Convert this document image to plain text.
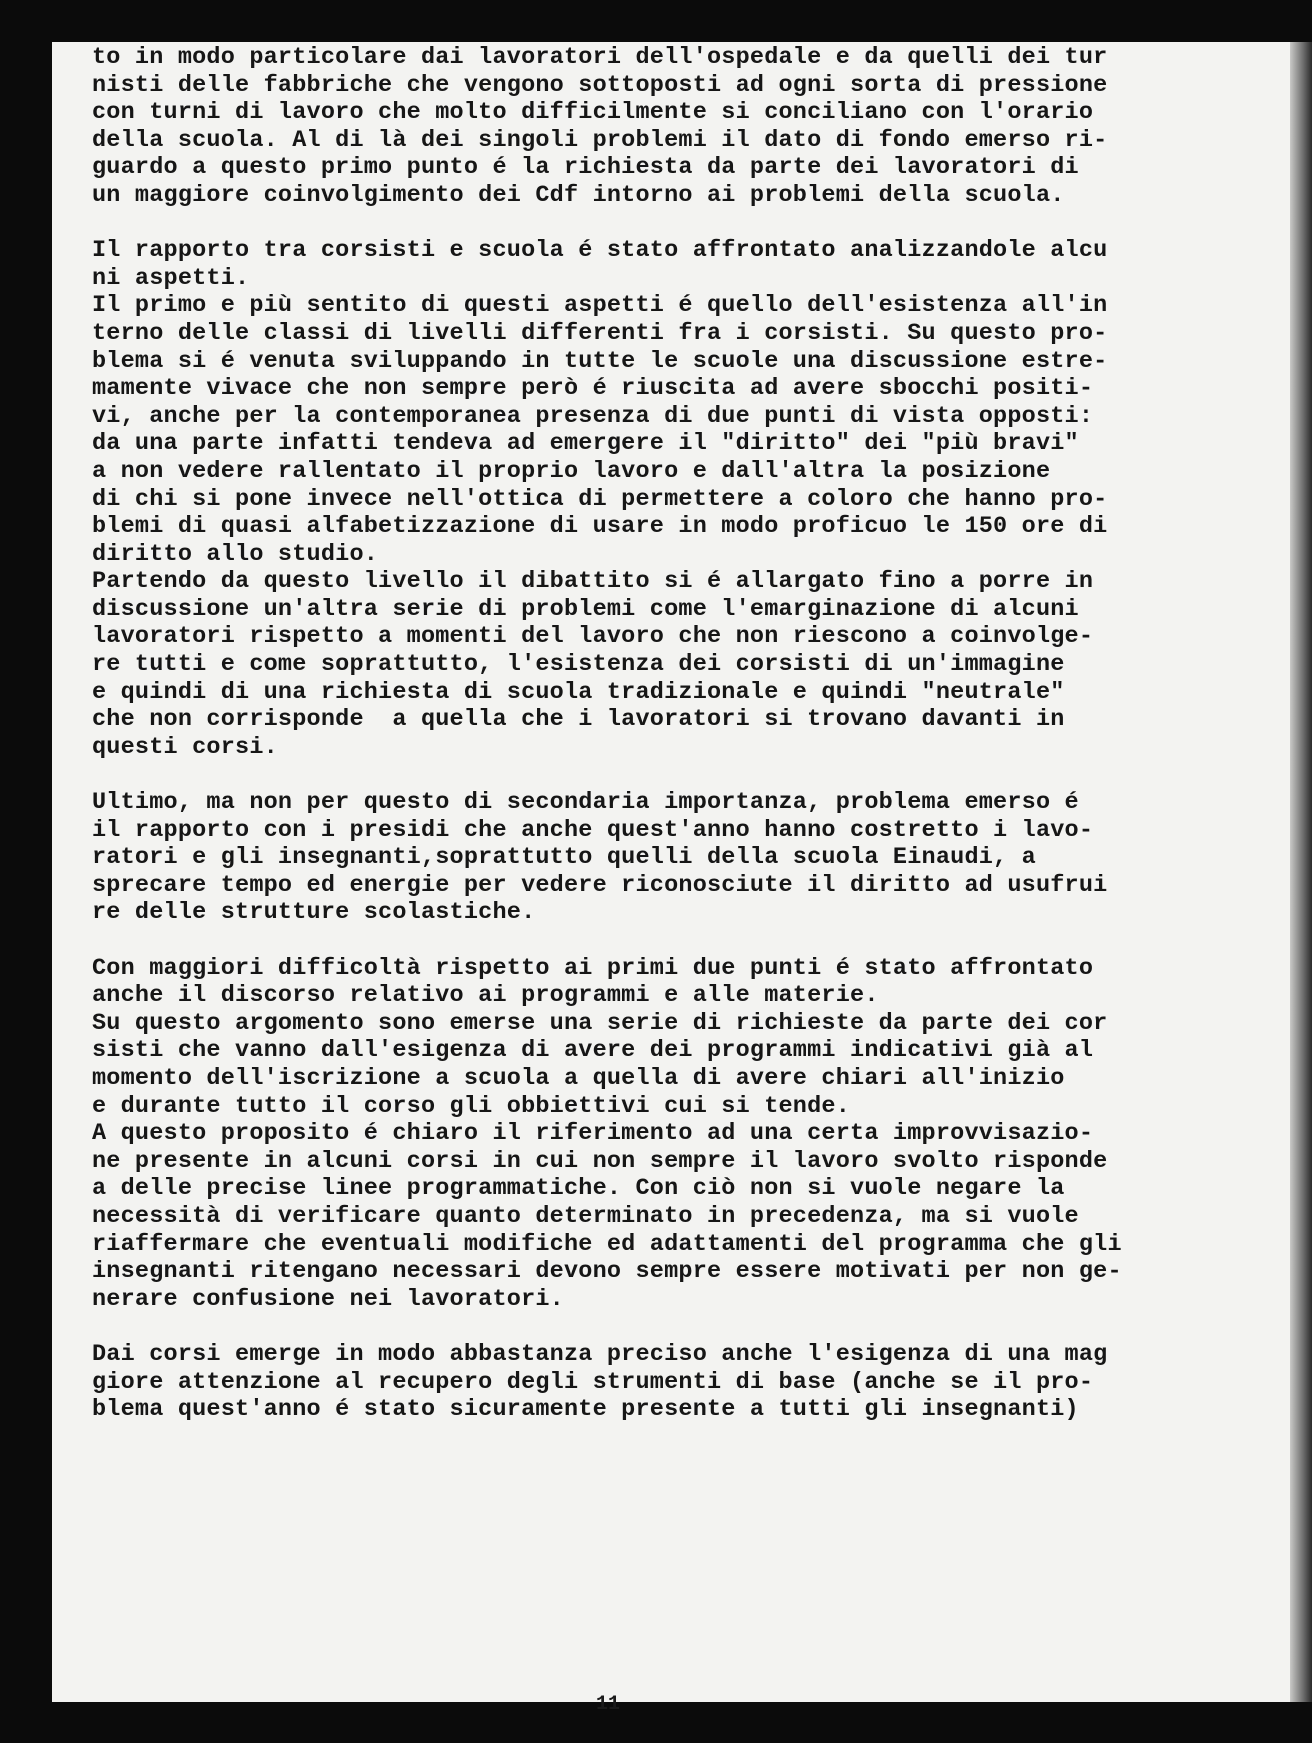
to in modo particolare dai lavoratori dell'ospedale e da quelli dei tur
nisti delle fabbriche che vengono sottoposti ad ogni sorta di pressione
con turni di lavoro che molto difficilmente si conciliano con l'orario
della scuola. Al di là dei singoli problemi il dato di fondo emerso ri-
guardo a questo primo punto é la richiesta da parte dei lavoratori di
un maggiore coinvolgimento dei Cdf intorno ai problemi della scuola.
Il rapporto tra corsisti e scuola é stato affrontato analizzandole alcu
ni aspetti.
Il primo e più sentito di questi aspetti é quello dell'esistenza all'in
terno delle classi di livelli differenti fra i corsisti. Su questo pro-
blema si é venuta sviluppando in tutte le scuole una discussione estre-
mamente vivace che non sempre però é riuscita ad avere sbocchi positi-
vi, anche per la contemporanea presenza di due punti di vista opposti:
da una parte infatti tendeva ad emergere il "diritto" dei "più bravi"
a non vedere rallentato il proprio lavoro e dall'altra la posizione
di chi si pone invece nell'ottica di permettere a coloro che hanno pro-
blemi di quasi alfabetizzazione di usare in modo proficuo le 150 ore di
diritto allo studio.
Partendo da questo livello il dibattito si é allargato fino a porre in
discussione un'altra serie di problemi come l'emarginazione di alcuni
lavoratori rispetto a momenti del lavoro che non riescono a coinvolge-
re tutti e come soprattutto, l'esistenza dei corsisti di un'immagine
e quindi di una richiesta di scuola tradizionale e quindi "neutrale"
che non corrisponde  a quella che i lavoratori si trovano davanti in
questi corsi.
Ultimo, ma non per questo di secondaria importanza, problema emerso é
il rapporto con i presidi che anche quest'anno hanno costretto i lavo-
ratori e gli insegnanti,soprattutto quelli della scuola Einaudi, a
sprecare tempo ed energie per vedere riconosciute il diritto ad usufrui
re delle strutture scolastiche.
Con maggiori difficoltà rispetto ai primi due punti é stato affrontato
anche il discorso relativo ai programmi e alle materie.
Su questo argomento sono emerse una serie di richieste da parte dei cor
sisti che vanno dall'esigenza di avere dei programmi indicativi già al
momento dell'iscrizione a scuola a quella di avere chiari all'inizio
e durante tutto il corso gli obbiettivi cui si tende.
A questo proposito é chiaro il riferimento ad una certa improvvisazio-
ne presente in alcuni corsi in cui non sempre il lavoro svolto risponde
a delle precise linee programmatiche. Con ciò non si vuole negare la
necessità di verificare quanto determinato in precedenza, ma si vuole
riaffermare che eventuali modifiche ed adattamenti del programma che gli
insegnanti ritengano necessari devono sempre essere motivati per non ge-
nerare confusione nei lavoratori.
Dai corsi emerge in modo abbastanza preciso anche l'esigenza di una mag
giore attenzione al recupero degli strumenti di base (anche se il pro-
blema quest'anno é stato sicuramente presente a tutti gli insegnanti)
11
